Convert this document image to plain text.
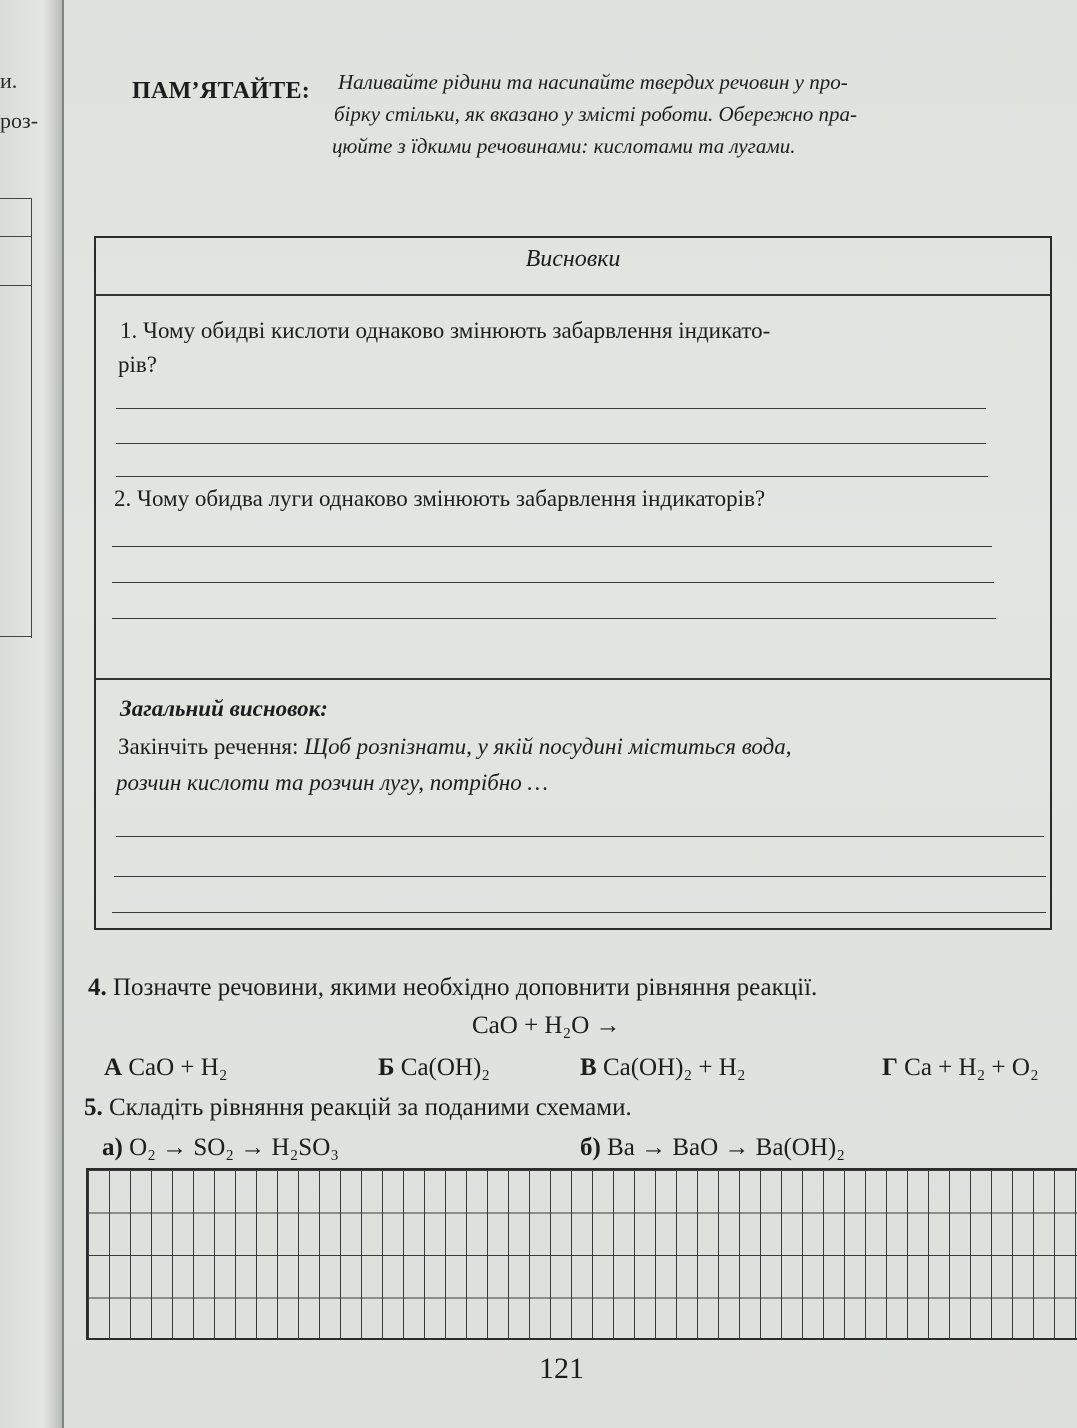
и.
роз-
ПАМ’ЯТАЙТЕ: Наливайте рідини та насипайте твердих речовин у про-
бірку стільки, як вказано у змісті роботи. Обережно пра-
цюйте з їдкими речовинами: кислотами та лугами.
Висновки
1. Чому обидві кислоти однаково змінюють забарвлення індикато-
рів?
2. Чому обидва луги однаково змінюють забарвлення індикаторів?
Загальний висновок:
Закінчіть речення: Щоб розпізнати, у якій посудині міститься вода,
розчин кислоти та розчин лугу, потрібно …
4. Позначте речовини, якими необхідно доповнити рівняння реакції.
CaO + H₂O →
А CaO + H₂	Б Ca(OH)₂	В Ca(OH)₂ + H₂	Г Ca + H₂ + O₂
5. Складіть рівняння реакцій за поданими схемами.
а) O₂ → SO₂ → H₂SO₃	б) Ba → BaO → Ba(OH)₂
121
